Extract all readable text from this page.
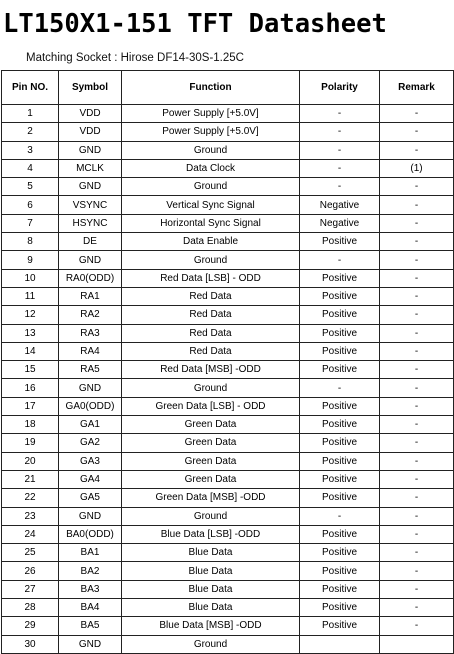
LT150X1-151 TFT Datasheet
Matching Socket : Hirose DF14-30S-1.25C
Pin NO.	Symbol	Function	Polarity	Remark
1	VDD	Power Supply [+5.0V]	-	-
2	VDD	Power Supply [+5.0V]	-	-
3	GND	Ground	-	-
4	MCLK	Data Clock	-	(1)
5	GND	Ground	-	-
6	VSYNC	Vertical Sync Signal	Negative	-
7	HSYNC	Horizontal Sync Signal	Negative	-
8	DE	Data Enable	Positive	-
9	GND	Ground	-	-
10	RA0(ODD)	Red Data [LSB] - ODD	Positive	-
11	RA1	Red Data	Positive	-
12	RA2	Red Data	Positive	-
13	RA3	Red Data	Positive	-
14	RA4	Red Data	Positive	-
15	RA5	Red Data [MSB] -ODD	Positive	-
16	GND	Ground	-	-
17	GA0(ODD)	Green Data [LSB] - ODD	Positive	-
18	GA1	Green Data	Positive	-
19	GA2	Green Data	Positive	-
20	GA3	Green Data	Positive	-
21	GA4	Green Data	Positive	-
22	GA5	Green Data [MSB] -ODD	Positive	-
23	GND	Ground	-	-
24	BA0(ODD)	Blue Data [LSB] -ODD	Positive	-
25	BA1	Blue Data	Positive	-
26	BA2	Blue Data	Positive	-
27	BA3	Blue Data	Positive	-
28	BA4	Blue Data	Positive	-
29	BA5	Blue Data [MSB] -ODD	Positive	-
30	GND	Ground		
